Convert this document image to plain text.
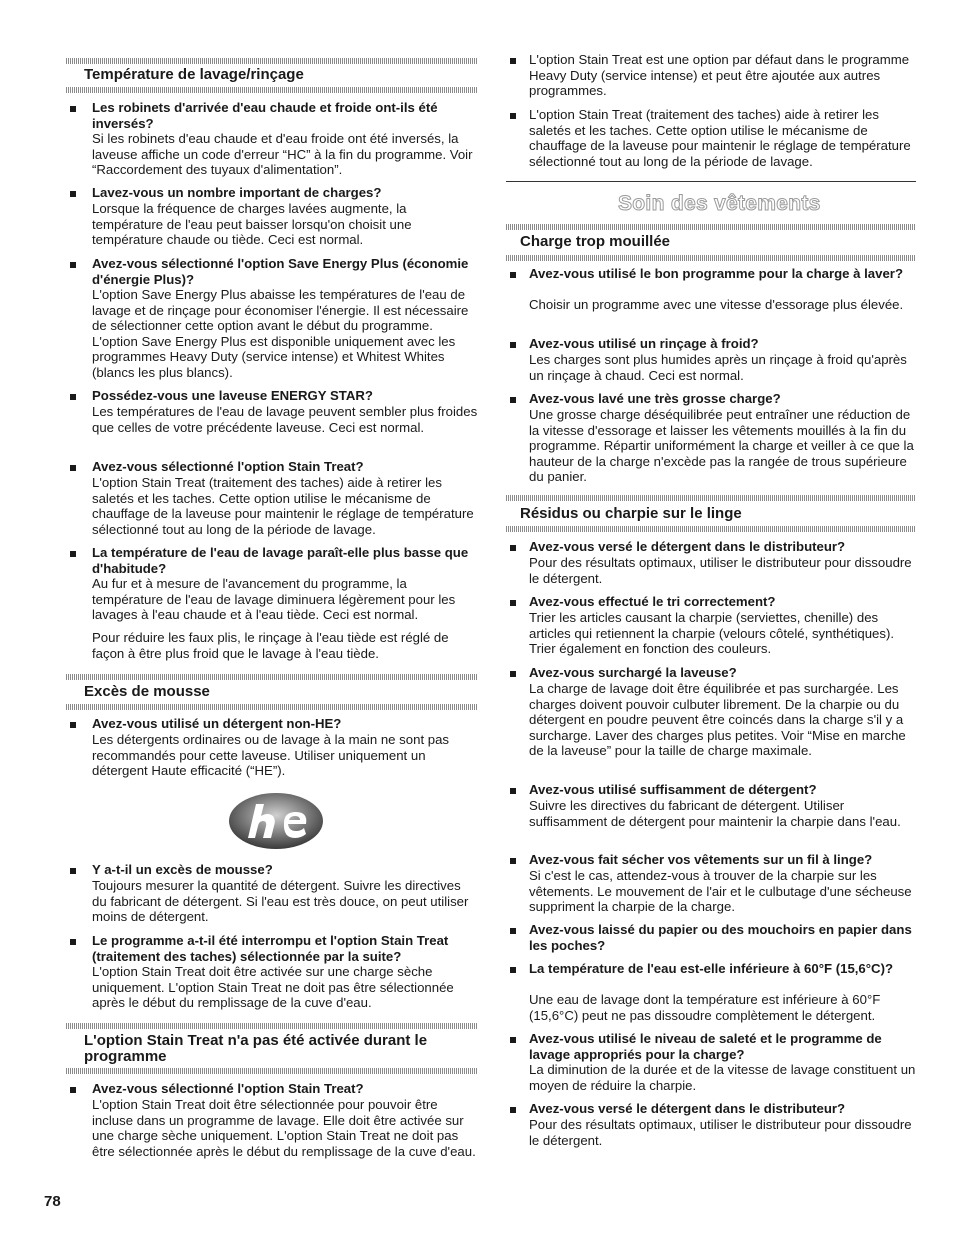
Température de lavage/rinçage
Les robinets d'arrivée d'eau chaude et froide ont-ils été inversés?
Si les robinets d'eau chaude et d'eau froide ont été inversés, la laveuse affiche un code d'erreur “HC” à la fin du programme. Voir “Raccordement des tuyaux d'alimentation”.
Lavez-vous un nombre important de charges?
Lorsque la fréquence de charges lavées augmente, la température de l'eau peut baisser lorsqu'on choisit une température chaude ou tiède. Ceci est normal.
Avez-vous sélectionné l'option Save Energy Plus (économie d'énergie Plus)?
L'option Save Energy Plus abaisse les températures de l'eau de lavage et de rinçage pour économiser l'énergie. Il est nécessaire de sélectionner cette option avant le début du programme. L'option Save Energy Plus est disponible uniquement avec les programmes Heavy Duty (service intense) et Whitest Whites (blancs les plus blancs).
Possédez-vous une laveuse ENERGY STAR?
Les températures de l'eau de lavage peuvent sembler plus froides que celles de votre précédente laveuse. Ceci est normal.
Avez-vous sélectionné l'option Stain Treat?
L'option Stain Treat (traitement des taches) aide à retirer les saletés et les taches. Cette option utilise le mécanisme de chauffage de la laveuse pour maintenir le réglage de température sélectionné tout au long de la période de lavage.
La température de l'eau de lavage paraît-elle plus basse que d'habitude?
Au fur et à mesure de l'avancement du programme, la température de l'eau de lavage diminuera légèrement pour les lavages à l'eau chaude et à l'eau tiède. Ceci est normal.
Pour réduire les faux plis, le rinçage à l'eau tiède est réglé de façon à être plus froid que le lavage à l'eau tiède.
Excès de mousse
Avez-vous utilisé un détergent non-HE?
Les détergents ordinaires ou de lavage à la main ne sont pas recommandés pour cette laveuse. Utiliser uniquement un détergent Haute efficacité (“HE”).
Y a-t-il un excès de mousse?
Toujours mesurer la quantité de détergent. Suivre les directives du fabricant de détergent. Si l'eau est très douce, on peut utiliser moins de détergent.
Le programme a-t-il été interrompu et l'option Stain Treat (traitement des taches) sélectionnée par la suite?
L'option Stain Treat doit être activée sur une charge sèche uniquement. L'option Stain Treat ne doit pas être sélectionnée après le début du remplissage de la cuve d'eau.
L'option Stain Treat n'a pas été activée durant le programme
Avez-vous sélectionné l'option Stain Treat?
L'option Stain Treat doit être sélectionnée pour pouvoir être incluse dans un programme de lavage. Elle doit être activée sur une charge sèche uniquement. L'option Stain Treat ne doit pas être sélectionnée après le début du remplissage de la cuve d'eau.
78
L'option Stain Treat est une option par défaut dans le programme Heavy Duty (service intense) et peut être ajoutée aux autres programmes.
L'option Stain Treat (traitement des taches) aide à retirer les saletés et les taches. Cette option utilise le mécanisme de chauffage de la laveuse pour maintenir le réglage de température sélectionné tout au long de la période de lavage.
Soin des vêtements
Charge trop mouillée
Avez-vous utilisé le bon programme pour la charge à laver?
Choisir un programme avec une vitesse d'essorage plus élevée.
Avez-vous utilisé un rinçage à froid?
Les charges sont plus humides après un rinçage à froid qu'après un rinçage à chaud. Ceci est normal.
Avez-vous lavé une très grosse charge?
Une grosse charge déséquilibrée peut entraîner une réduction de la vitesse d'essorage et laisser les vêtements mouillés à la fin du programme. Répartir uniformément la charge et veiller à ce que la hauteur de la charge n'excède pas la rangée de trous supérieure du panier.
Résidus ou charpie sur le linge
Avez-vous versé le détergent dans le distributeur?
Pour des résultats optimaux, utiliser le distributeur pour dissoudre le détergent.
Avez-vous effectué le tri correctement?
Trier les articles causant la charpie (serviettes, chenille) des articles qui retiennent la charpie (velours côtelé, synthétiques). Trier également en fonction des couleurs.
Avez-vous surchargé la laveuse?
La charge de lavage doit être équilibrée et pas surchargée. Les charges doivent pouvoir culbuter librement. De la charpie ou du détergent en poudre peuvent être coincés dans la charge s'il y a surcharge. Laver des charges plus petites. Voir “Mise en marche de la laveuse” pour la taille de charge maximale.
Avez-vous utilisé suffisamment de détergent?
Suivre les directives du fabricant de détergent. Utiliser suffisamment de détergent pour maintenir la charpie dans l'eau.
Avez-vous fait sécher vos vêtements sur un fil à linge?
Si c'est le cas, attendez-vous à trouver de la charpie sur les vêtements. Le mouvement de l'air et le culbutage d'une sécheuse suppriment la charpie de la charge.
Avez-vous laissé du papier ou des mouchoirs en papier dans les poches?
La température de l'eau est-elle inférieure à 60°F (15,6°C)?
Une eau de lavage dont la température est inférieure à 60°F (15,6°C) peut ne pas dissoudre complètement le détergent.
Avez-vous utilisé le niveau de saleté et le programme de lavage appropriés pour la charge?
La diminution de la durée et de la vitesse de lavage constituent un moyen de réduire la charpie.
Avez-vous versé le détergent dans le distributeur?
Pour des résultats optimaux, utiliser le distributeur pour dissoudre le détergent.
